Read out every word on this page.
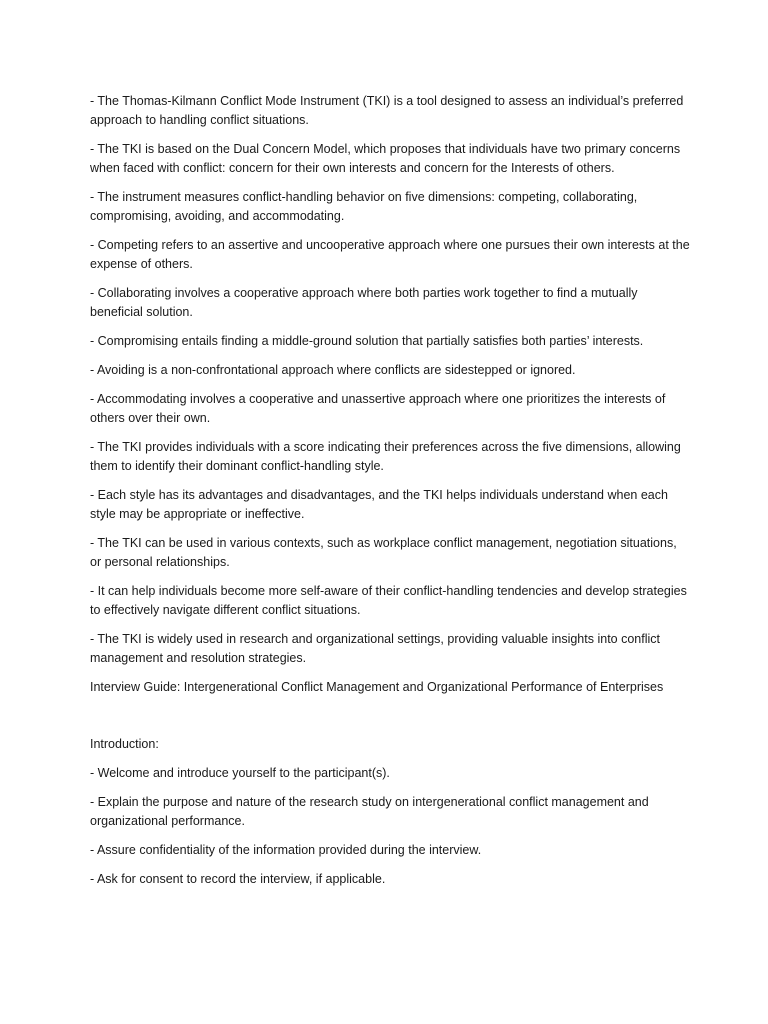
- The Thomas-Kilmann Conflict Mode Instrument (TKI) is a tool designed to assess an individual’s preferred approach to handling conflict situations.

- The TKI is based on the Dual Concern Model, which proposes that individuals have two primary concerns when faced with conflict: concern for their own interests and concern for the Interests of others.

- The instrument measures conflict-handling behavior on five dimensions: competing, collaborating, compromising, avoiding, and accommodating.

- Competing refers to an assertive and uncooperative approach where one pursues their own interests at the expense of others.

- Collaborating involves a cooperative approach where both parties work together to find a mutually beneficial solution.

- Compromising entails finding a middle-ground solution that partially satisfies both parties’ interests.

- Avoiding is a non-confrontational approach where conflicts are sidestepped or ignored.

- Accommodating involves a cooperative and unassertive approach where one prioritizes the interests of others over their own.

- The TKI provides individuals with a score indicating their preferences across the five dimensions, allowing them to identify their dominant conflict-handling style.

- Each style has its advantages and disadvantages, and the TKI helps individuals understand when each style may be appropriate or ineffective.

- The TKI can be used in various contexts, such as workplace conflict management, negotiation situations, or personal relationships.

- It can help individuals become more self-aware of their conflict-handling tendencies and develop strategies to effectively navigate different conflict situations.

- The TKI is widely used in research and organizational settings, providing valuable insights into conflict management and resolution strategies.

Interview Guide: Intergenerational Conflict Management and Organizational Performance of Enterprises

Introduction:

- Welcome and introduce yourself to the participant(s).

- Explain the purpose and nature of the research study on intergenerational conflict management and organizational performance.

- Assure confidentiality of the information provided during the interview.

- Ask for consent to record the interview, if applicable.
